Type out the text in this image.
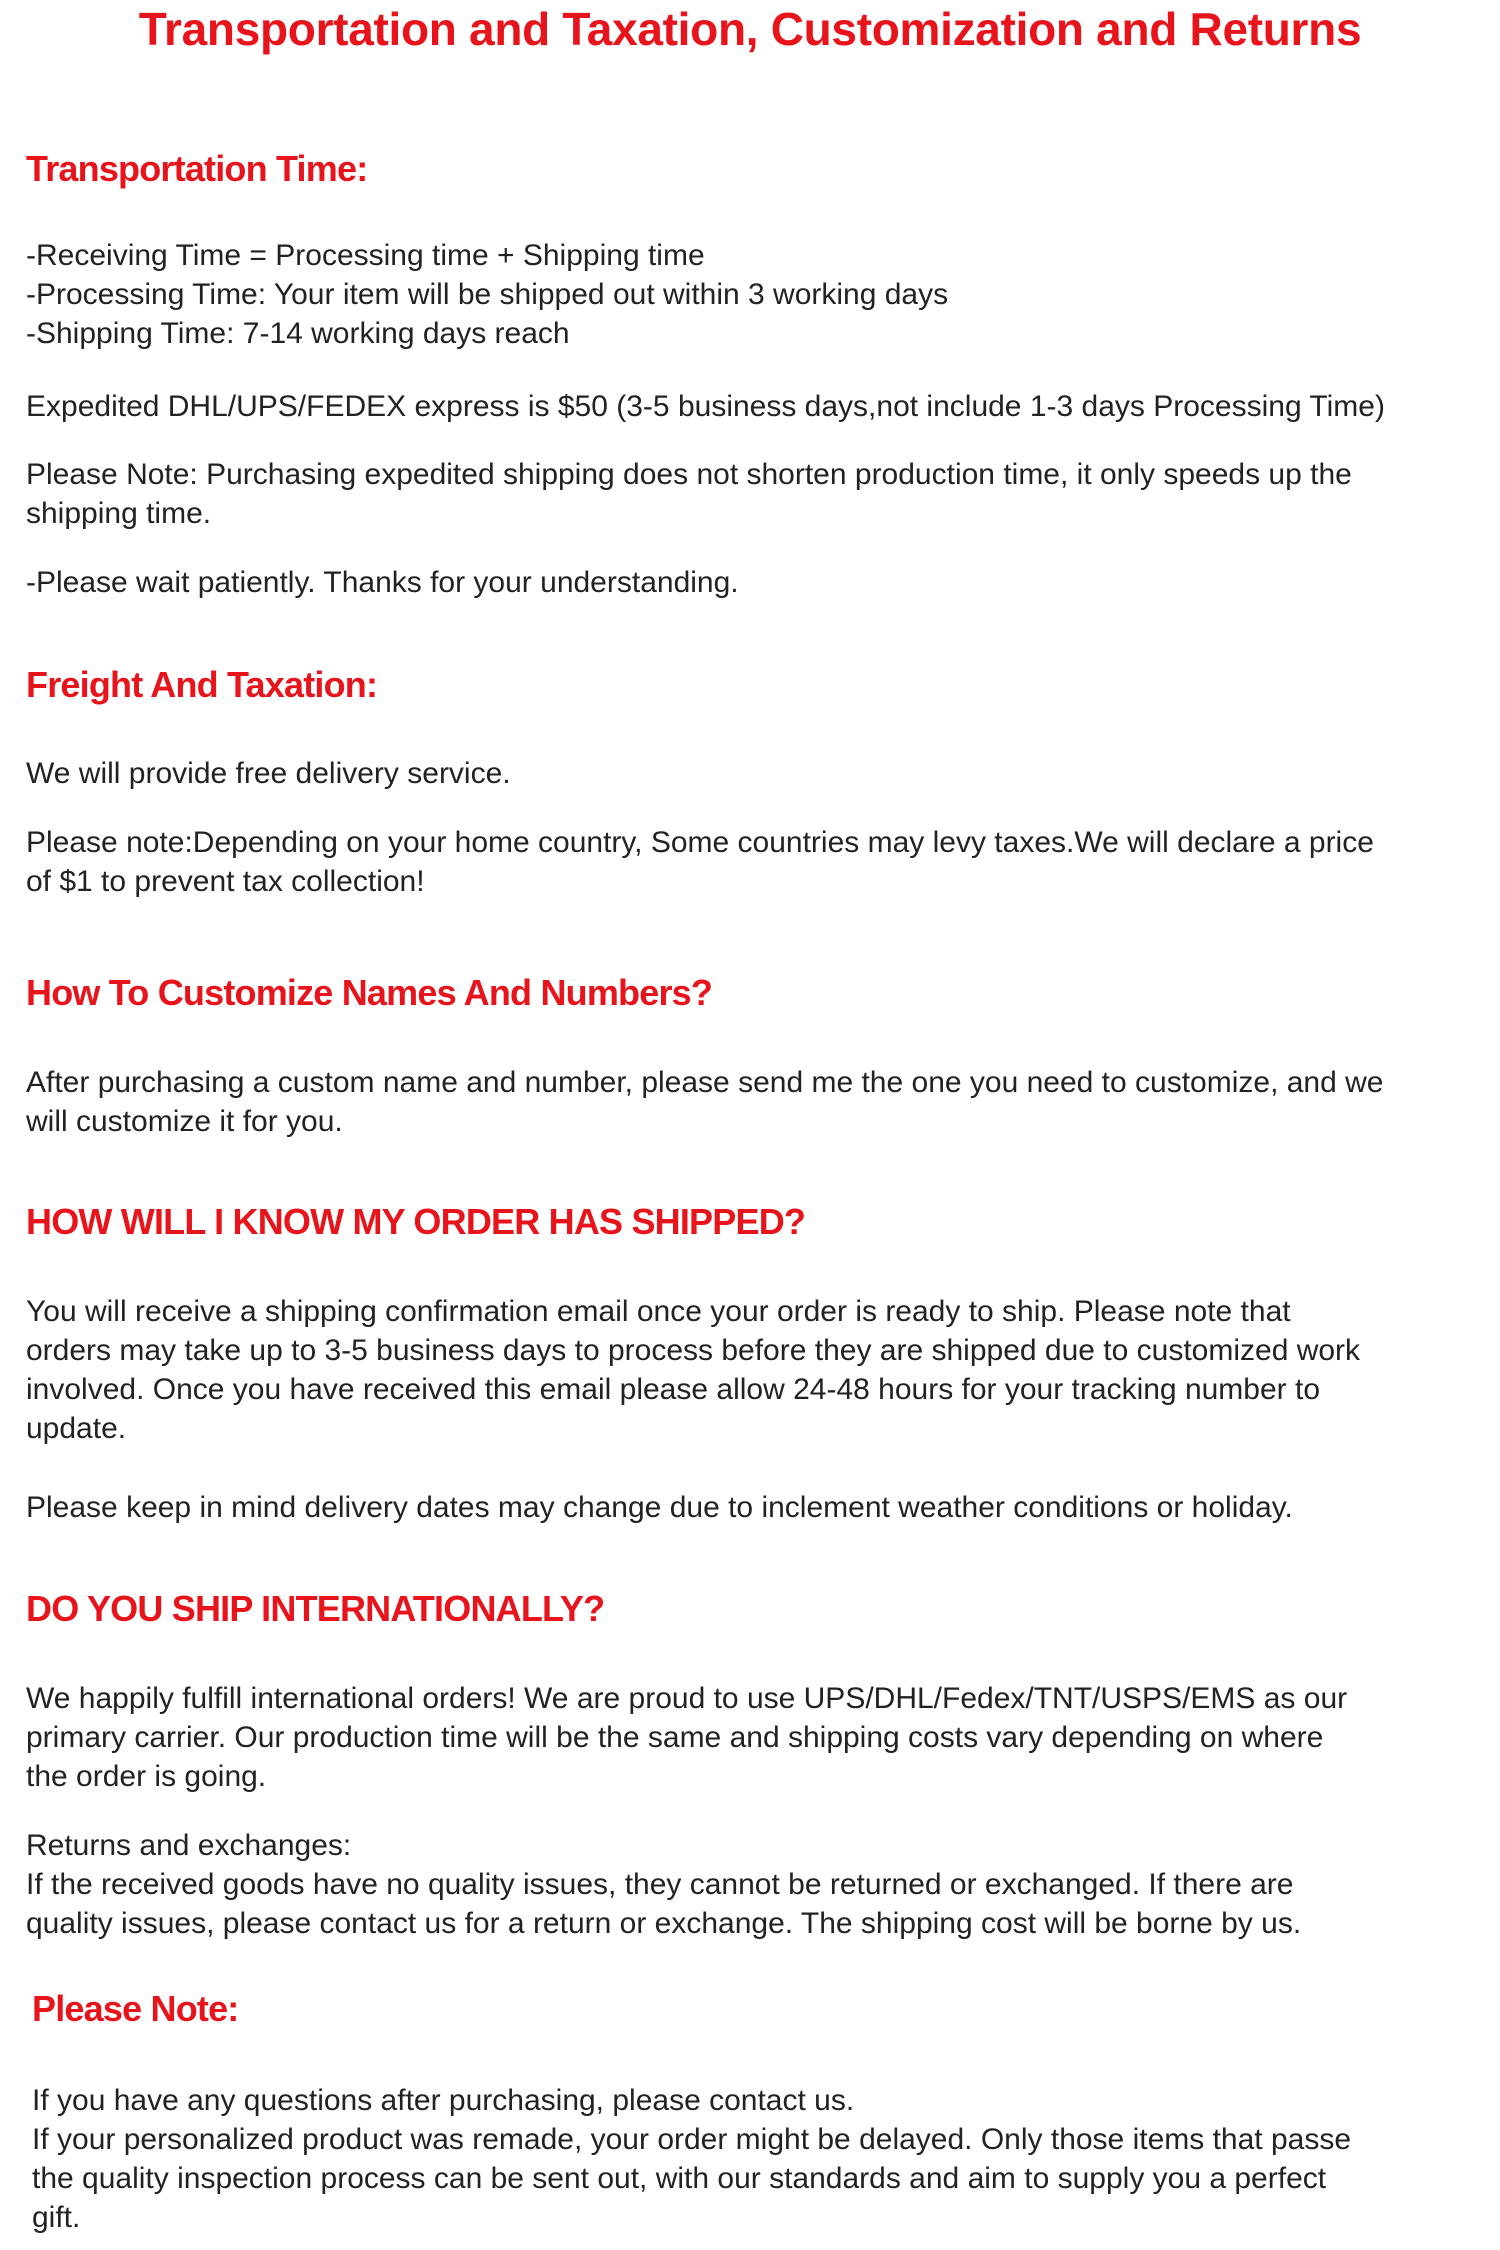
Transportation and Taxation, Customization and Returns
Transportation Time:

-Receiving Time = Processing time + Shipping time
-Processing Time: Your item will be shipped out within 3 working days
-Shipping Time: 7-14 working days reach

Expedited DHL/UPS/FEDEX express is $50 (3-5 business days,not include 1-3 days Processing Time)

Please Note: Purchasing expedited shipping does not shorten production time, it only speeds up the
shipping time.

-Please wait patiently. Thanks for your understanding.

Freight And Taxation:

We will provide free delivery service.

Please note:Depending on your home country, Some countries may levy taxes.We will declare a price
of $1 to prevent tax collection!

How To Customize Names And Numbers?

After purchasing a custom name and number, please send me the one you need to customize, and we
will customize it for you.

HOW WILL I KNOW MY ORDER HAS SHIPPED?

You will receive a shipping confirmation email once your order is ready to ship. Please note that
orders may take up to 3-5 business days to process before they are shipped due to customized work
involved. Once you have received this email please allow 24-48 hours for your tracking number to
update.

Please keep in mind delivery dates may change due to inclement weather conditions or holiday.

DO YOU SHIP INTERNATIONALLY?

We happily fulfill international orders! We are proud to use UPS/DHL/Fedex/TNT/USPS/EMS as our
primary carrier. Our production time will be the same and shipping costs vary depending on where
the order is going.

Returns and exchanges:
If the received goods have no quality issues, they cannot be returned or exchanged. If there are
quality issues, please contact us for a return or exchange. The shipping cost will be borne by us.

Please Note:

If you have any questions after purchasing, please contact us.
If your personalized product was remade, your order might be delayed. Only those items that passe
the quality inspection process can be sent out, with our standards and aim to supply you a perfect
gift.
